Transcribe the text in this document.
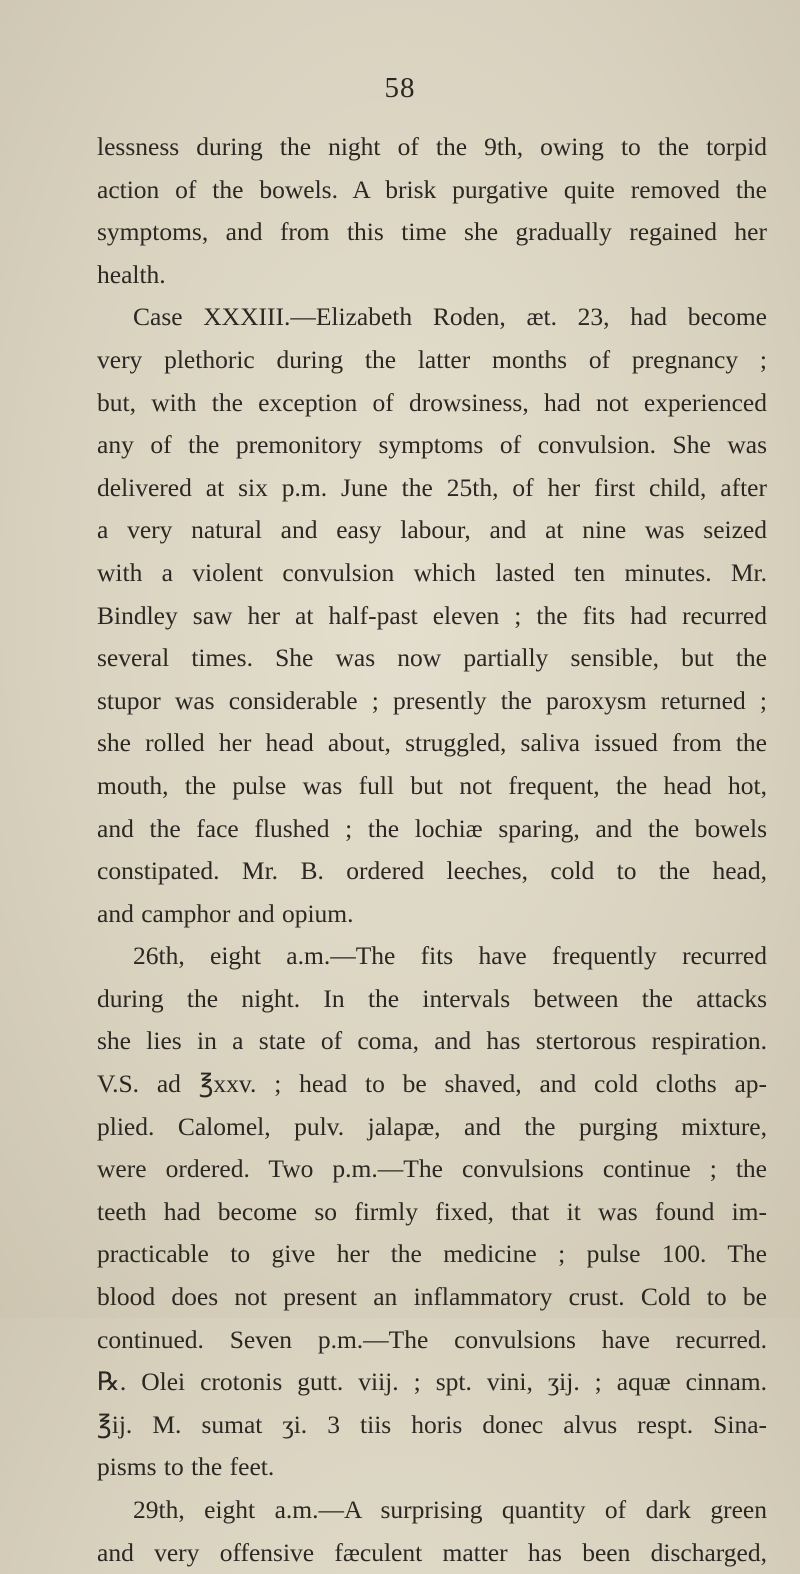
58
lessness during the night of the 9th, owing to the torpid
action of the bowels. A brisk purgative quite removed the
symptoms, and from this time she gradually regained her
health.
Case XXXIII.—Elizabeth Roden, æt. 23, had become
very plethoric during the latter months of pregnancy ;
but, with the exception of drowsiness, had not experienced
any of the premonitory symptoms of convulsion. She was
delivered at six p.m. June the 25th, of her first child, after
a very natural and easy labour, and at nine was seized
with a violent convulsion which lasted ten minutes. Mr.
Bindley saw her at half-past eleven ; the fits had recurred
several times. She was now partially sensible, but the
stupor was considerable ; presently the paroxysm returned ;
she rolled her head about, struggled, saliva issued from the
mouth, the pulse was full but not frequent, the head hot,
and the face flushed ; the lochiæ sparing, and the bowels
constipated. Mr. B. ordered leeches, cold to the head,
and camphor and opium.
26th, eight a.m.—The fits have frequently recurred
during the night. In the intervals between the attacks
she lies in a state of coma, and has stertorous respiration.
V.S. ad ℥xxv. ; head to be shaved, and cold cloths ap-
plied. Calomel, pulv. jalapæ, and the purging mixture,
were ordered. Two p.m.—The convulsions continue ; the
teeth had become so firmly fixed, that it was found im-
practicable to give her the medicine ; pulse 100. The
blood does not present an inflammatory crust. Cold to be
continued. Seven p.m.—The convulsions have recurred.
℞. Olei crotonis gutt. viij. ; spt. vini, ʒij. ; aquæ cinnam.
℥ij. M. sumat ʒi. 3 tiis horis donec alvus respt. Sina-
pisms to the feet.
29th, eight a.m.—A surprising quantity of dark green
and very offensive fæculent matter has been discharged,
